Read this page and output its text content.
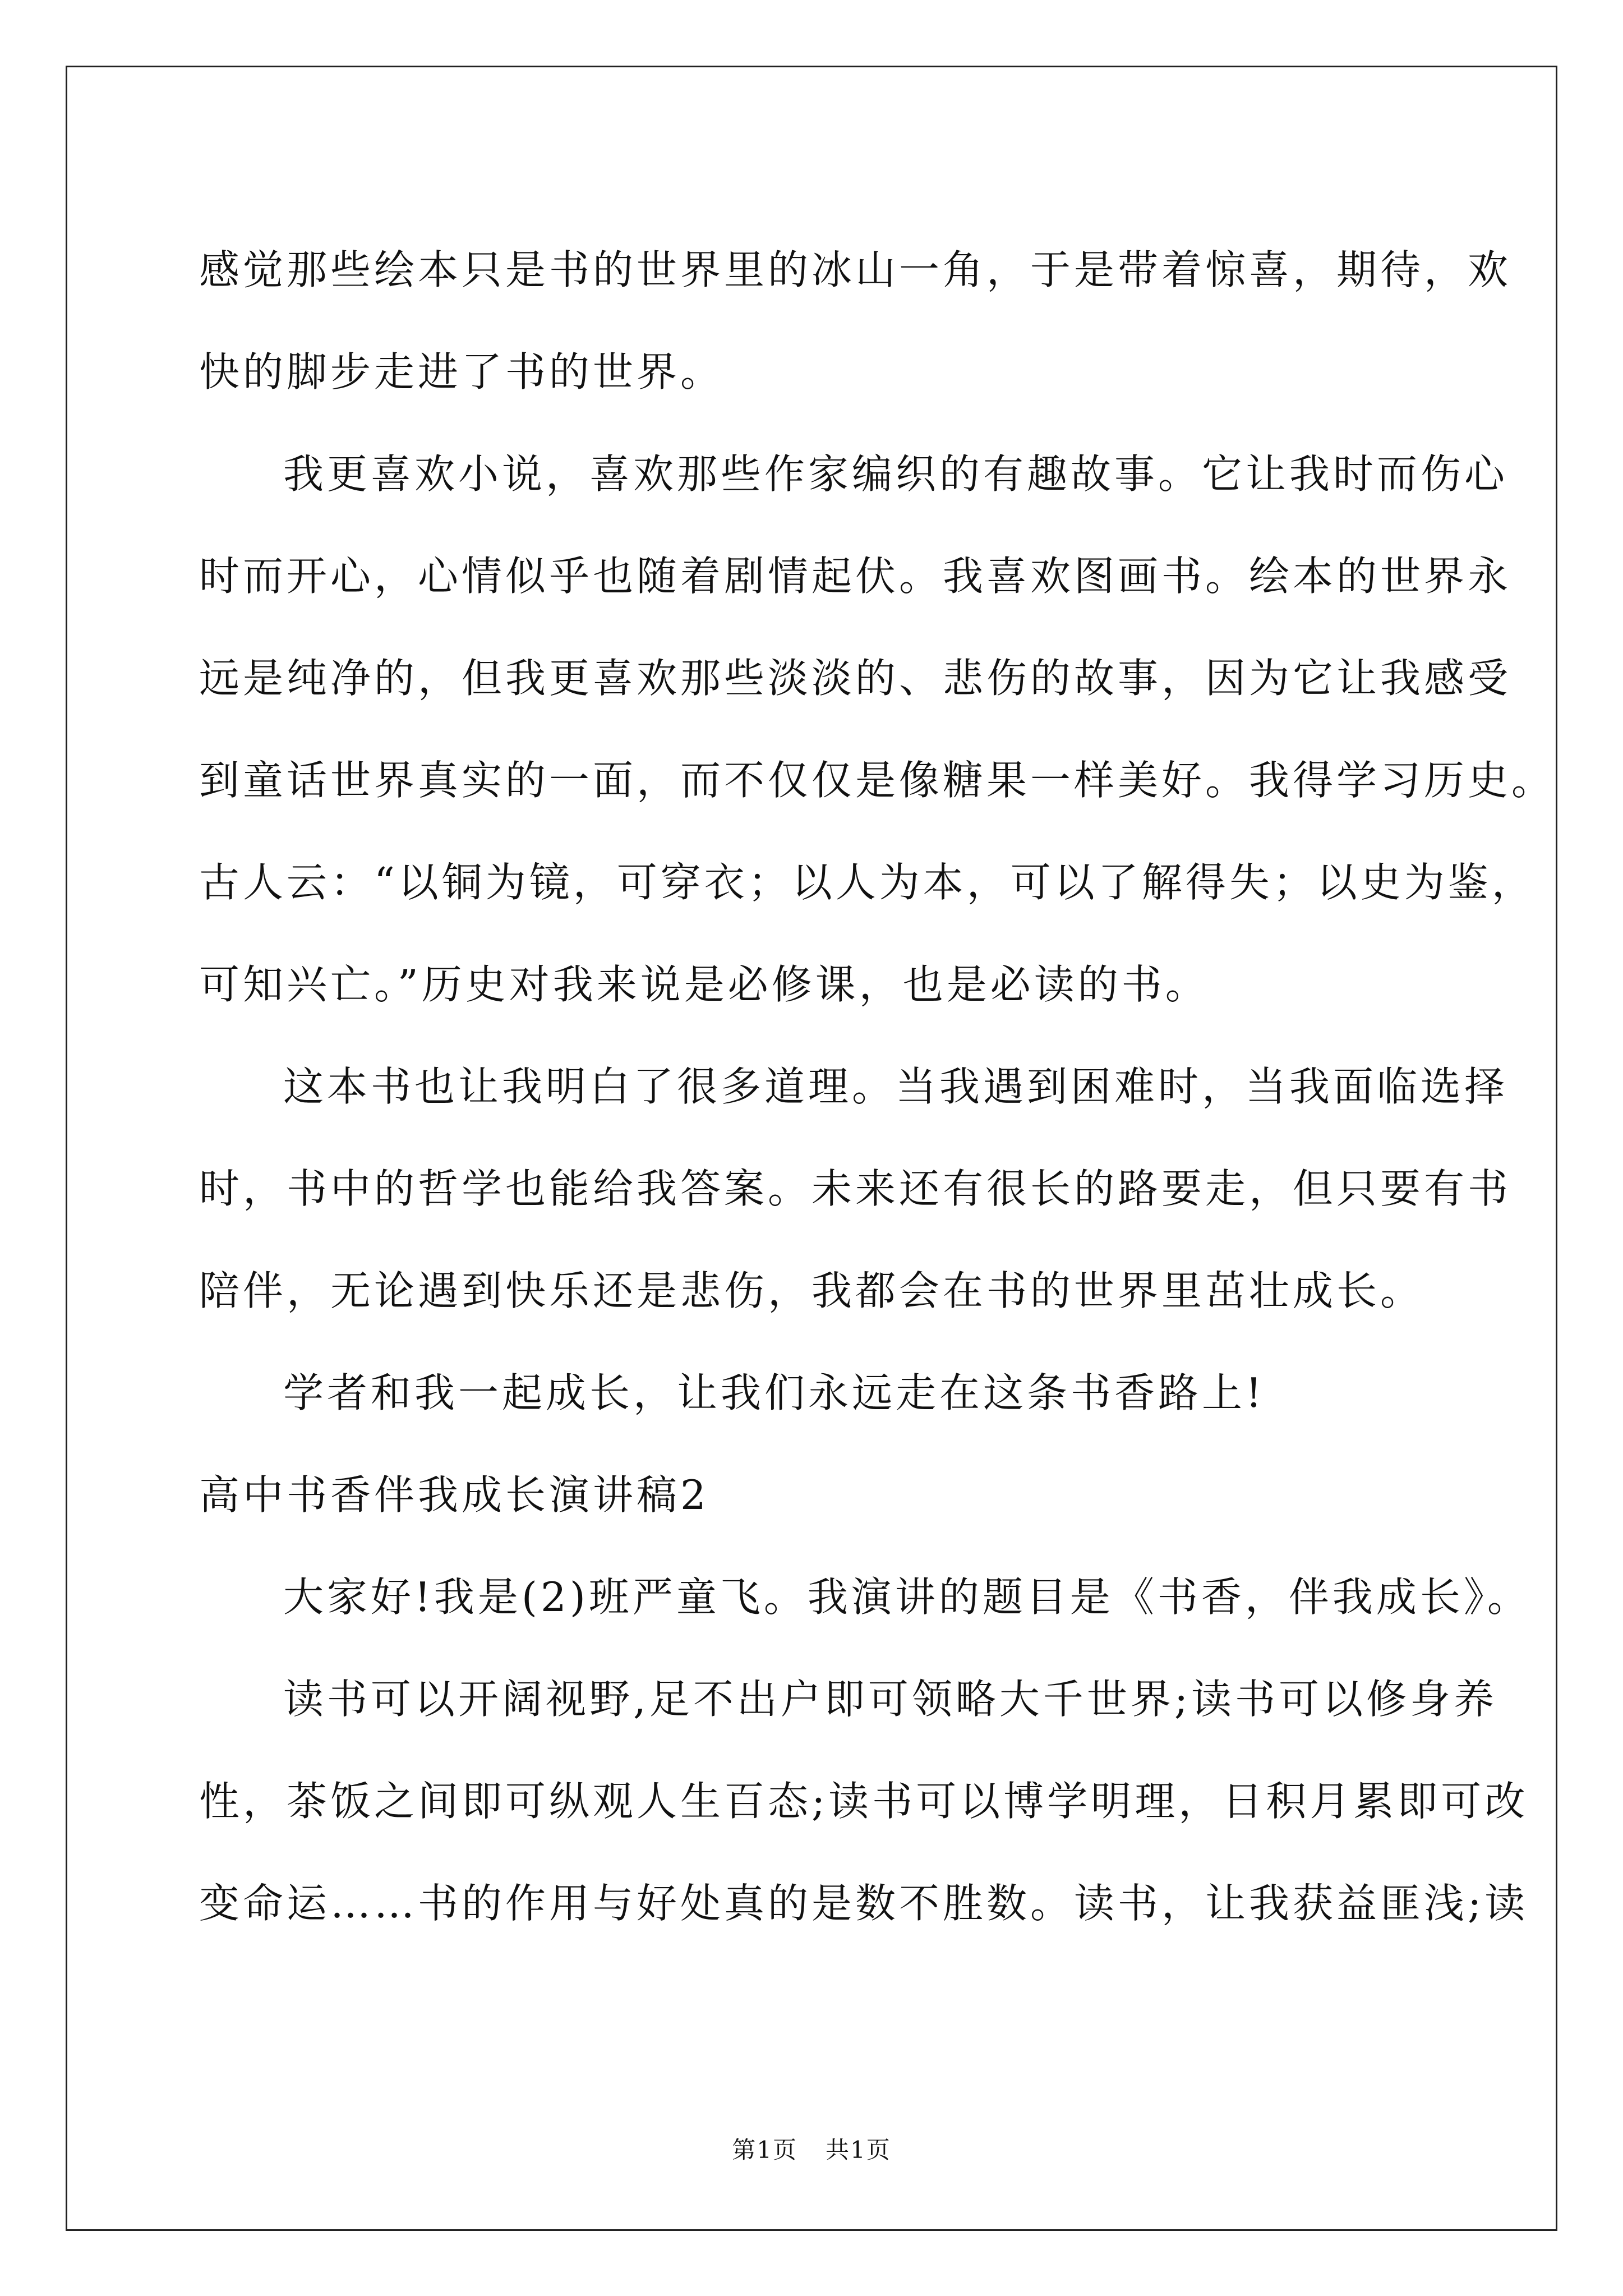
感觉那些绘本只是书的世界里的冰山一角，于是带着惊喜，期待，欢
快的脚步走进了书的世界。
我更喜欢小说，喜欢那些作家编织的有趣故事。它让我时而伤心
时而开心，心情似乎也随着剧情起伏。我喜欢图画书。绘本的世界永
远是纯净的，但我更喜欢那些淡淡的、悲伤的故事，因为它让我感受
到童话世界真实的一面，而不仅仅是像糖果一样美好。我得学习历史。
古人云：“以铜为镜，可穿衣；以人为本，可以了解得失；以史为鉴，
可知兴亡。”历史对我来说是必修课，也是必读的书。
这本书也让我明白了很多道理。当我遇到困难时，当我面临选择
时，书中的哲学也能给我答案。未来还有很长的路要走，但只要有书
陪伴，无论遇到快乐还是悲伤，我都会在书的世界里茁壮成长。
学者和我一起成长，让我们永远走在这条书香路上!
高中书香伴我成长演讲稿2
大家好!我是(2)班严童飞。我演讲的题目是《书香，伴我成长》。
读书可以开阔视野,足不出户即可领略大千世界;读书可以修身养
性，茶饭之间即可纵观人生百态;读书可以博学明理，日积月累即可改
变命运……书的作用与好处真的是数不胜数。读书，让我获益匪浅;读
第1页 共1页
